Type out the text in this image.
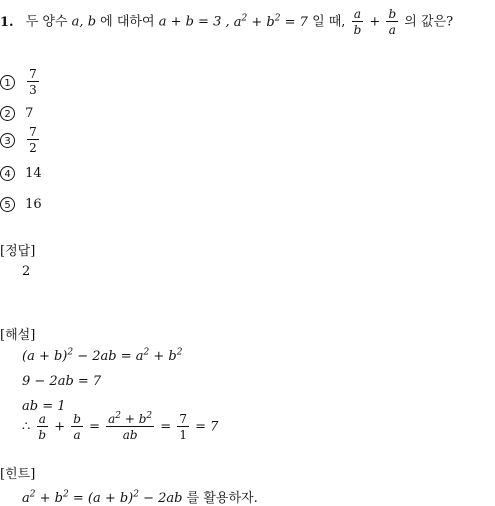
1. 두 양수 a, b 에 대하여 a + b = 3 , $a^2 + b^2 = 7$ 일 때, $\frac{a}{b} + \frac{b}{a}$ 의 값은?
$1 \frac{7}{3}$
2 7
$3 \frac{7}{2}$
4 14
5 16
[정답]
2
[해설]
$(a + b)^2 - 2ab = a^2 + b^2$
9 − 2ab = 7
ab = 1
∴ $\frac{a}{b} + \frac{b}{a} = \frac{a^2 + b^2}{ab} = \frac{7}{1} = 7$
[힌트]
$a^2 + b^2 = (a + b)^2 - 2ab$ 를 활용하자.
